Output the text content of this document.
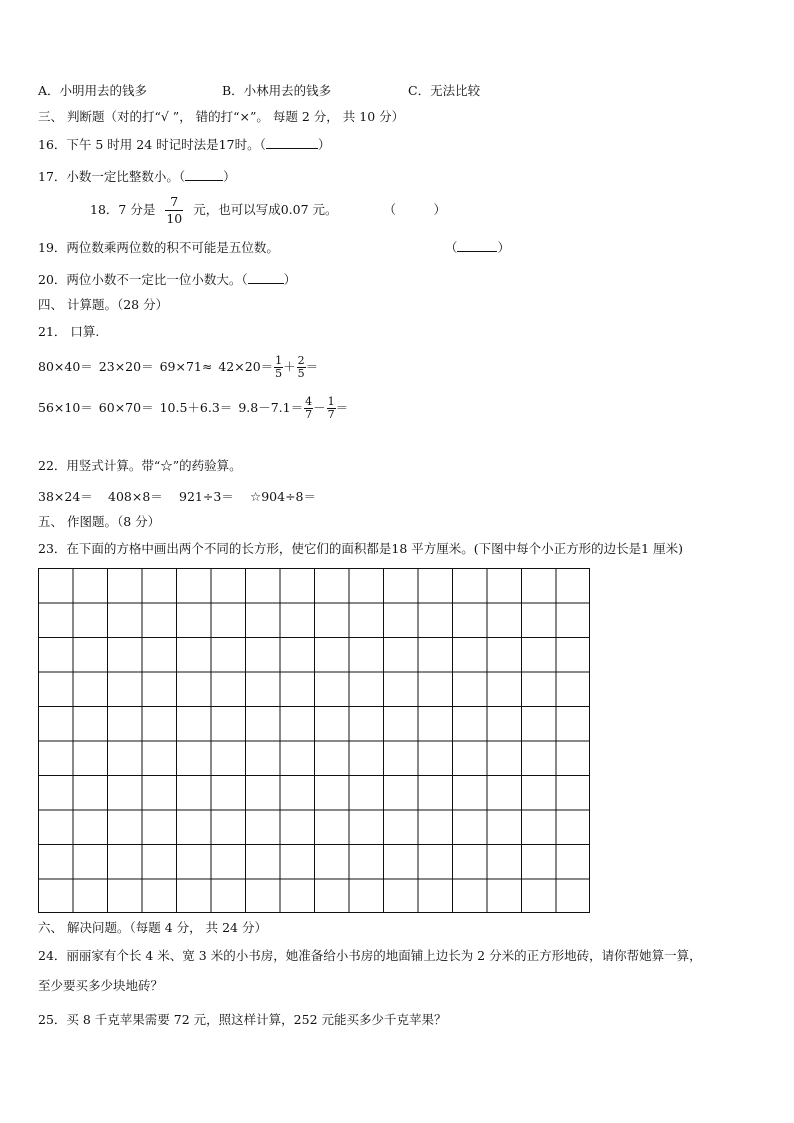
A．小明用去的钱多	B．小林用去的钱多	C．无法比较
三、 判断题（对的打“√ ”， 错的打“×”。 每题 2 分， 共 10 分）
16．下午 5 时用 24 时记时法是17时。（	）
17．小数一定比整数小。（	）
18．7 分是 $\frac{7}{10}$ 元，也可以写成0.07 元。	（　　　）
19．两位数乘两位数的积不可能是五位数。	（	）
20．两位小数不一定比一位小数大。（	）
四、 计算题。（28 分）
21． 口算.
$80\times 40= 23\times 20= 69\times 71\approx 42\times 20= \frac{1}{5} + \frac{2}{5}$ ＝
$56\times 10= 60\times 70= 10.5+6.3= 9.8-7.1= \frac{4}{7} - \frac{1}{7}$ ＝
22．用竖式计算。带“☆”的药验算。
38×24＝ 408×8＝ 921÷3＝ ☆904÷8＝
五、 作图题。（8 分）
23．在下面的方格中画出两个不同的长方形，使它们的面积都是18 平方厘米。(下图中每个小正方形的边长是1 厘米)
六、 解决问题。（每题 4 分， 共 24 分）
24．丽丽家有个长 4 米、宽 3 米的小书房，她准备给小书房的地面铺上边长为 2 分米的正方形地砖，请你帮她算一算，
至少要买多少块地砖？
25．买 8 千克苹果需要 72 元，照这样计算，252 元能买多少千克苹果？
